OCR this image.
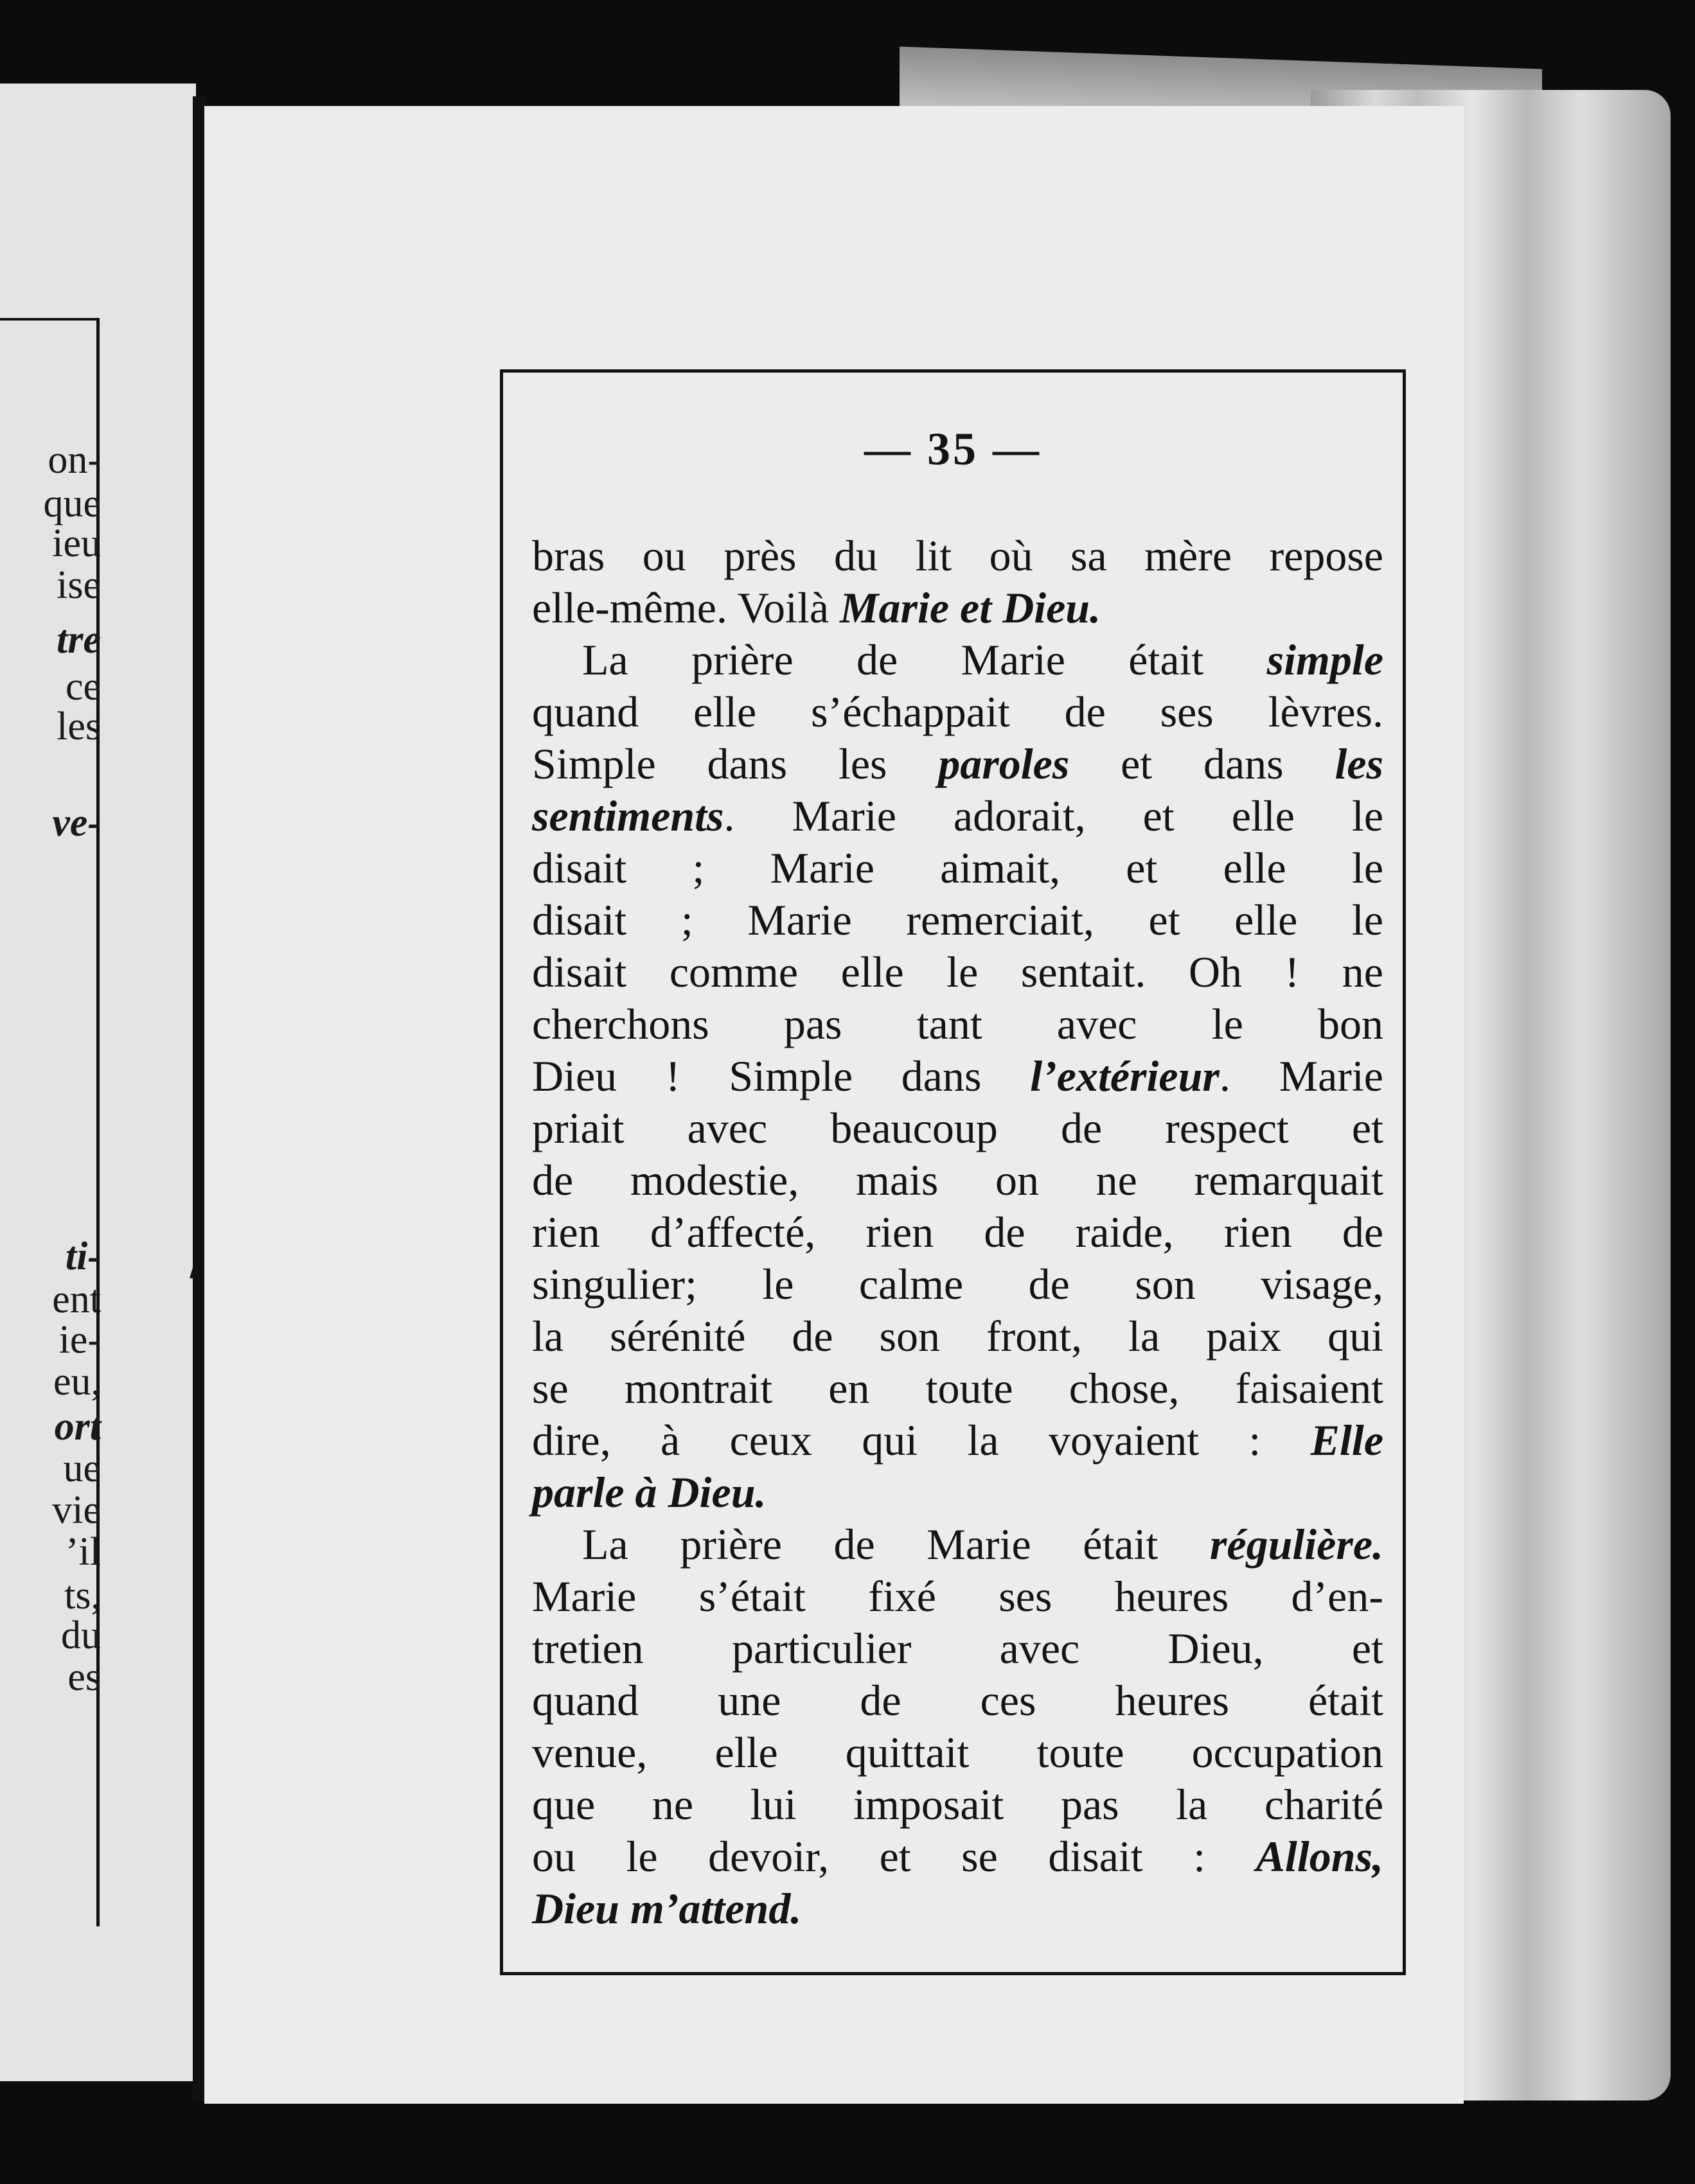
on-

que

ieu

ise

tre

ce

les

ve-

ti-

ent

ie-

eu,

ort

ue

vie

’il

ts,

du

es

— 35 —

bras ou près du lit où sa mère repose

elle-même. Voilà Marie et Dieu.

La prière de Marie était simple

quand elle s’échappait de ses lèvres.

Simple dans les paroles et dans les

sentiments. Marie adorait, et elle le

disait ; Marie aimait, et elle le

disait ; Marie remerciait, et elle le

disait comme elle le sentait. Oh ! ne

cherchons pas tant avec le bon

Dieu ! Simple dans l’extérieur. Marie

priait avec beaucoup de respect et

de modestie, mais on ne remarquait

rien d’affecté, rien de raide, rien de

singulier; le calme de son visage,

la sérénité de son front, la paix qui

se montrait en toute chose, faisaient

dire, à ceux qui la voyaient : Elle

parle à Dieu.

La prière de Marie était régulière.

Marie s’était fixé ses heures d’en-

tretien particulier avec Dieu, et

quand une de ces heures était

venue, elle quittait toute occupation

que ne lui imposait pas la charité

ou le devoir, et se disait : Allons,

Dieu m’attend.
